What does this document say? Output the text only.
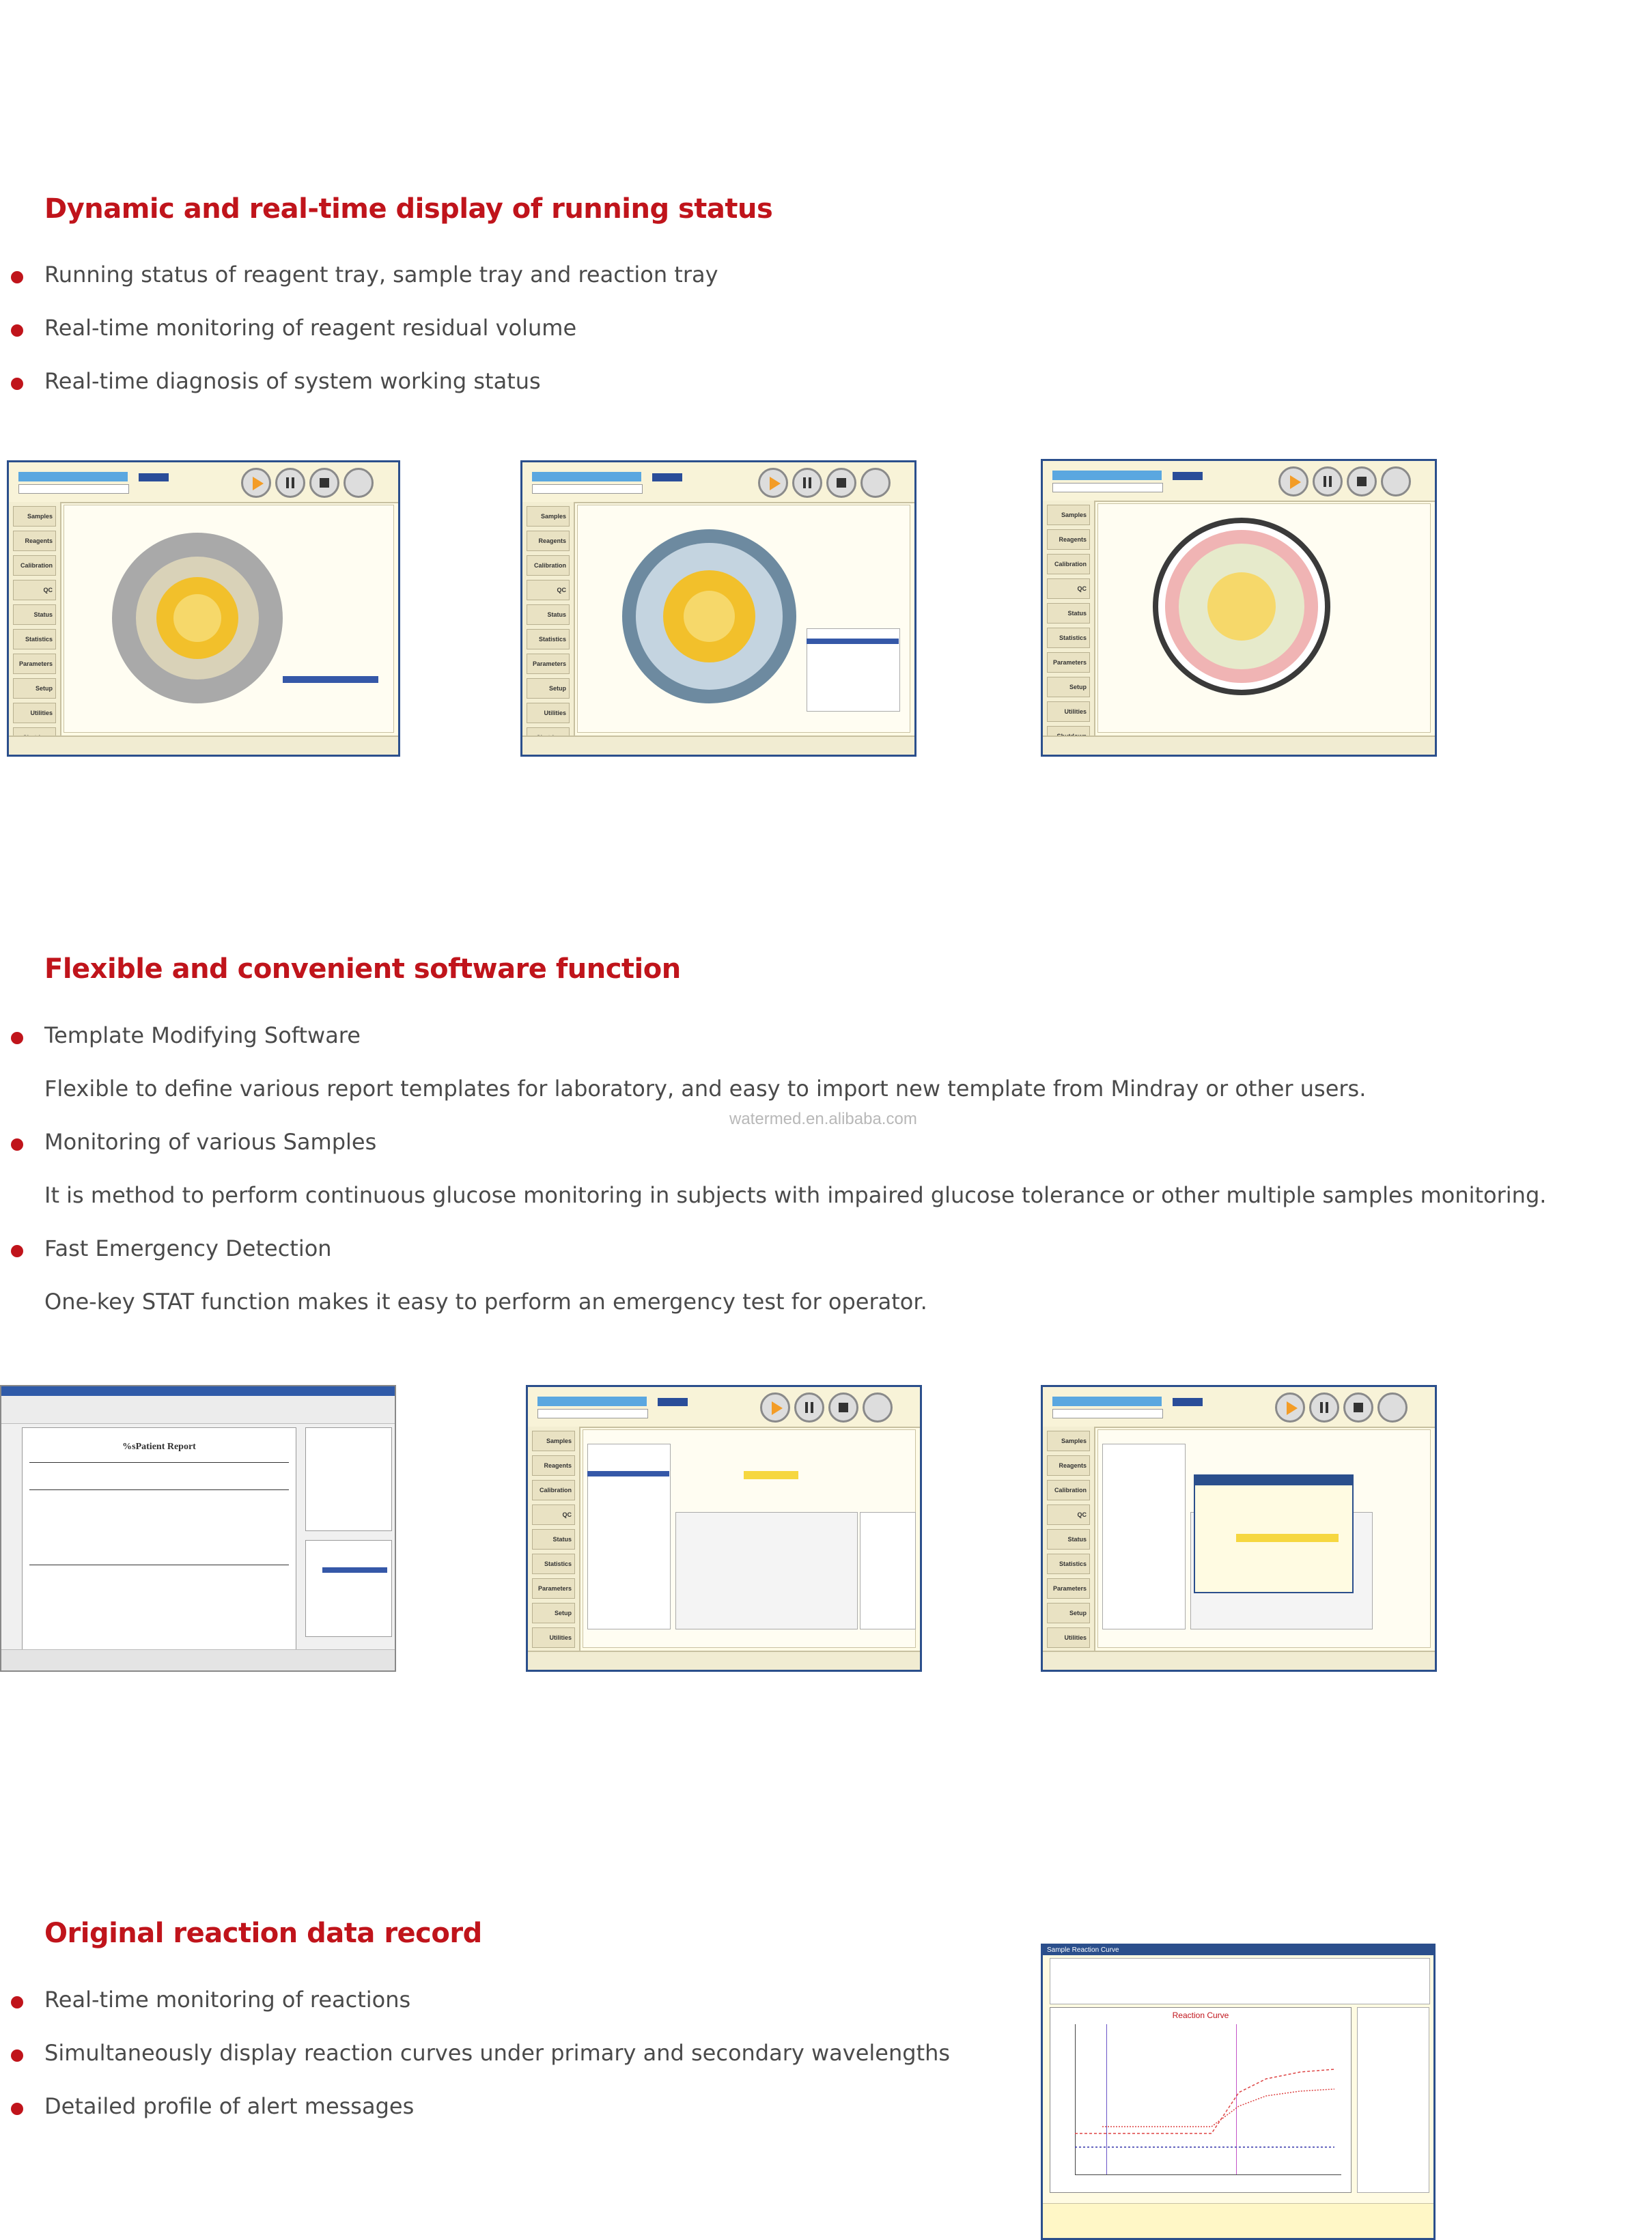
Dynamic and real-time display of running status
Running status of reagent tray, sample tray and reaction tray
Real-time monitoring of reagent residual volume
Real-time diagnosis of system working status
Samples
Reagents
Calibration
QC
Status
Statistics
Parameters
Setup
Utilities
Samples
Reagents
Calibration
QC
Status
Statistics
Parameters
Setup
Utilities
Samples
Reagents
Calibration
QC
Status
Statistics
Parameters
Setup
Utilities
Flexible and convenient software function
Template Modifying Software
Flexible to define various report templates for laboratory, and easy to import new template from Mindray or other users.
watermed.en.alibaba.com
Monitoring of various Samples
It is method to perform continuous glucose monitoring in subjects with impaired glucose tolerance or other multiple samples monitoring.
Fast Emergency Detection
One-key STAT function makes it easy to perform an emergency test for operator.
%sPatient Report
Samples
Reagents
Calibration
QC
Status
Statistics
Parameters
Setup
Utilities
Samples
Reagents
Calibration
QC
Status
Statistics
Parameters
Setup
Utilities
Original reaction data record
Real-time monitoring of reactions
Simultaneously display reaction curves under primary and secondary wavelengths
Detailed profile of alert messages
Sample Reaction Curve
Reaction Curve
